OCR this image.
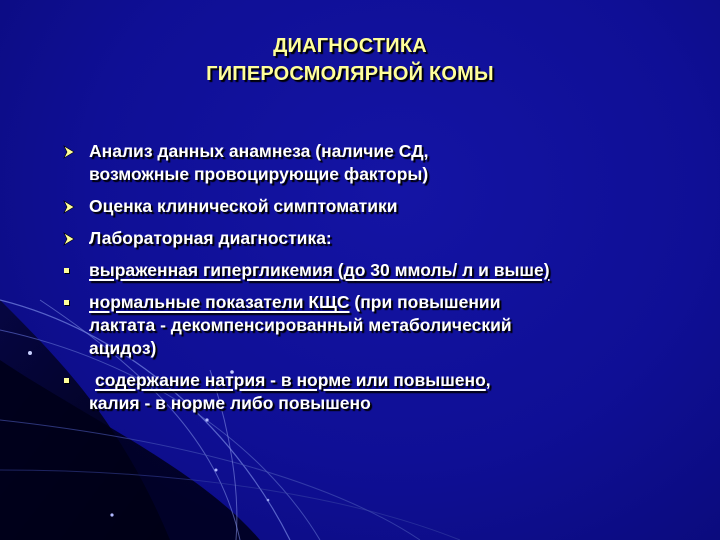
ДИАГНОСТИКА
ГИПЕРОСМОЛЯРНОЙ КОМЫ
Анализ данных анамнеза (наличие СД,
возможные провоцирующие факторы)
Оценка клинической симптоматики
Лабораторная диагностика:
выраженная гипергликемия (до 30 ммоль/ л и выше)
нормальные показатели КЩС (при повышении
лактата - декомпенсированный метаболический
ацидоз)
содержание натрия - в норме или повышено,
калия - в норме либо повышено
